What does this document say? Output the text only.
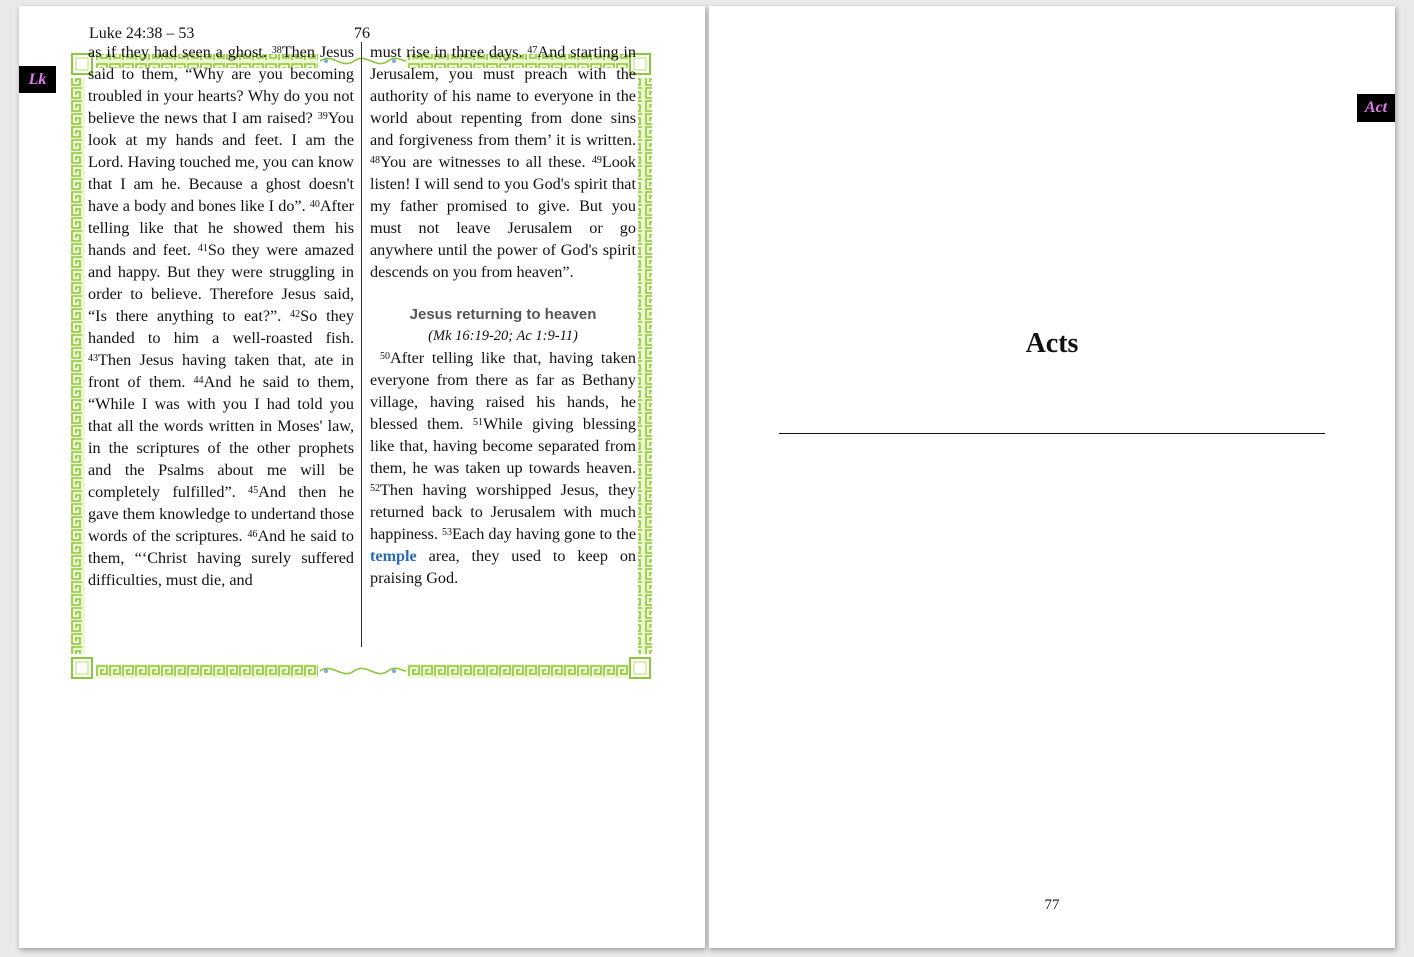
Luke 24:38 – 53	76
Lk
as if they had seen a ghost. $^{38}$Then Jesus said to them, “Why are you becoming troubled in your hearts? Why do you not believe the news that I am raised? $^{39}$You look at my hands and feet. I am the Lord. Having touched me, you can know that I am he. Because a ghost doesn't have a body and bones like I do”. $^{40}$After telling like that he showed them his hands and feet. $^{41}$So they were amazed and happy. But they were struggling in order to believe. Therefore Jesus said, “Is there anything to eat?”. $^{42}$So they handed to him a well-roasted fish. $^{43}$Then Jesus having taken that, ate in front of them. $^{44}$And he said to them, “While I was with you I had told you that all the words written in Moses' law, in the scriptures of the other prophets and the Psalms about me will be completely fulfilled”. $^{45}$And then he gave them knowledge to undertand those words of the scriptures. $^{46}$And he said to them, “‘Christ having surely suffered difficulties, must die, and
must rise in three days. $^{47}$And starting in Jerusalem, you must preach with the authority of his name to everyone in the world about repenting from done sins and forgiveness from them’ it is written. $^{48}$You are witnesses to all these. $^{49}$Look listen! I will send to you God's spirit that my father promised to give. But you must not leave Jerusalem or go anywhere until the power of God's spirit descends on you from heaven”.
Jesus returning to heaven
(Mk 16:19-20; Ac 1:9-11)
$^{50}$After telling like that, having taken everyone from there as far as Bethany village, having raised his hands, he blessed them. $^{51}$While giving blessing like that, having become separated from them, he was taken up towards heaven. $^{52}$Then having worshipped Jesus, they returned back to Jerusalem with much happiness. $^{53}$Each day having gone to the temple area, they used to keep on praising God.
Act
Acts
77
